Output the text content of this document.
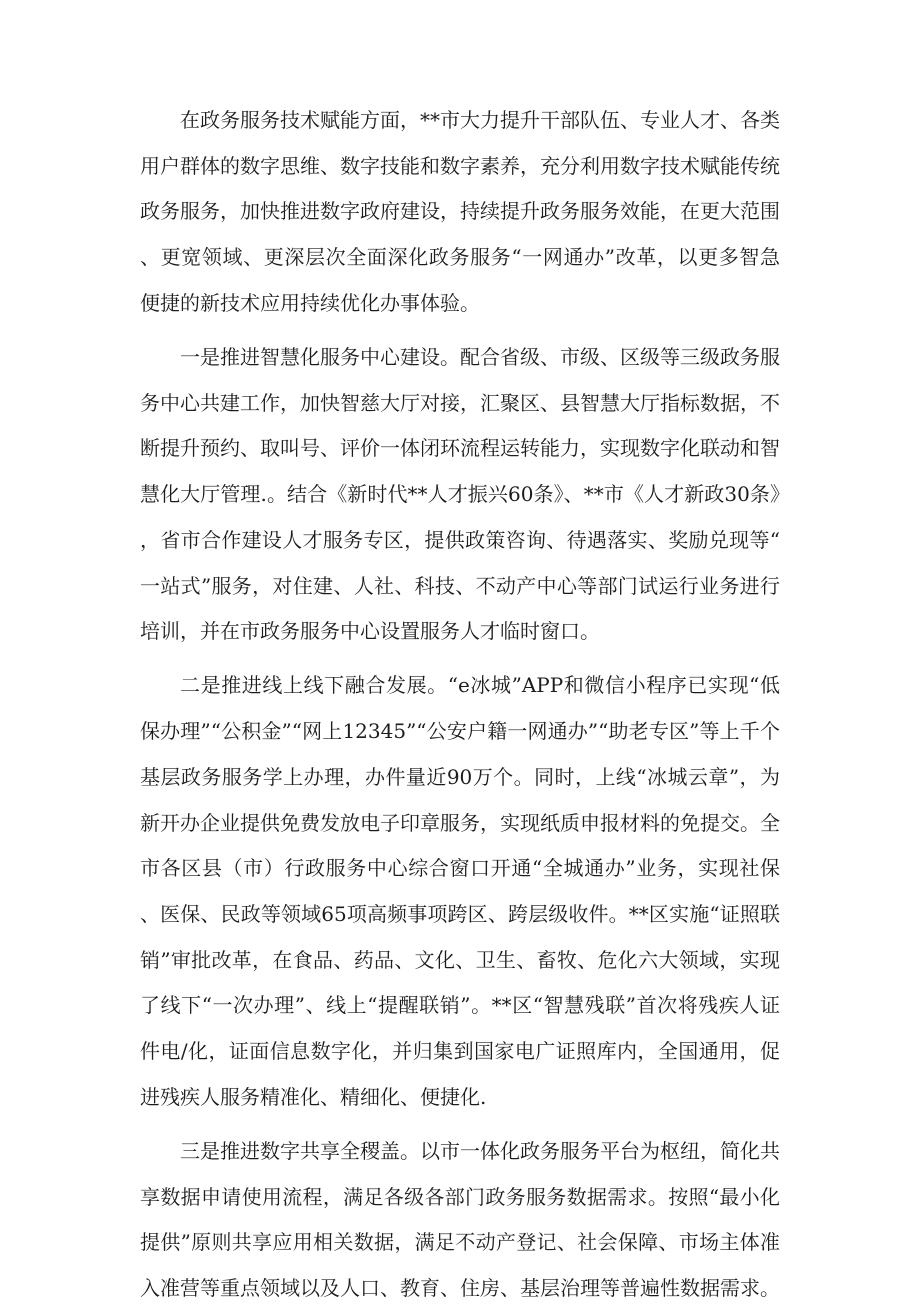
在政务服务技术赋能方面，**市大力提升干部队伍、专业人才、各类用户群体的数字思维、数字技能和数字素养，充分利用数字技术赋能传统政务服务，加快推进数字政府建设，持续提升政务服务效能，在更大范围、更宽领域、更深层次全面深化政务服务“一网通办”改革，以更多智急便捷的新技术应用持续优化办事体验。

一是推进智慧化服务中心建设。配合省级、市级、区级等三级政务服务中心共建工作，加快智慈大厅对接，汇聚区、县智慧大厅指标数据，不断提升预约、取叫号、评价一体闭环流程运转能力，实现数字化联动和智慧化大厅管理.。结合《新时代**人才振兴60条》、**市《人才新政30条》，省市合作建设人才服务专区，提供政策咨询、待遇落实、奖励兑现等“一站式”服务，对住建、人社、科技、不动产中心等部门试运行业务进行培训，并在市政务服务中心设置服务人才临时窗口。

二是推进线上线下融合发展。“e冰城”APP和微信小程序已实现“低保办理”“公积金”“网上12345”“公安户籍一网通办”“助老专区”等上千个基层政务服务学上办理，办件量近90万个。同时，上线“冰城云章”，为新开办企业提供免费发放电子印章服务，实现纸质申报材料的免提交。全市各区县（市）行政服务中心综合窗口开通“全城通办”业务，实现社保、医保、民政等领域65项高频事项跨区、跨层级收件。**区实施“证照联销”审批改革，在食品、药品、文化、卫生、畜牧、危化六大领域，实现了线下“一次办理”、线上“提醒联销”。**区“智慧残联”首次将残疾人证件电/化，证面信息数字化，并归集到国家电广证照库内，全国通用，促进残疾人服务精准化、精细化、便捷化.

三是推进数字共享全稷盖。以市一体化政务服务平台为枢纽，简化共享数据申请使用流程，满足各级各部门政务服务数据需求。按照“最小化提供”原则共享应用相关数据，满足不动产登记、社会保障、市场主体准入准营等重点领域以及人口、教育、住房、基层治理等普遍性数据需求。
